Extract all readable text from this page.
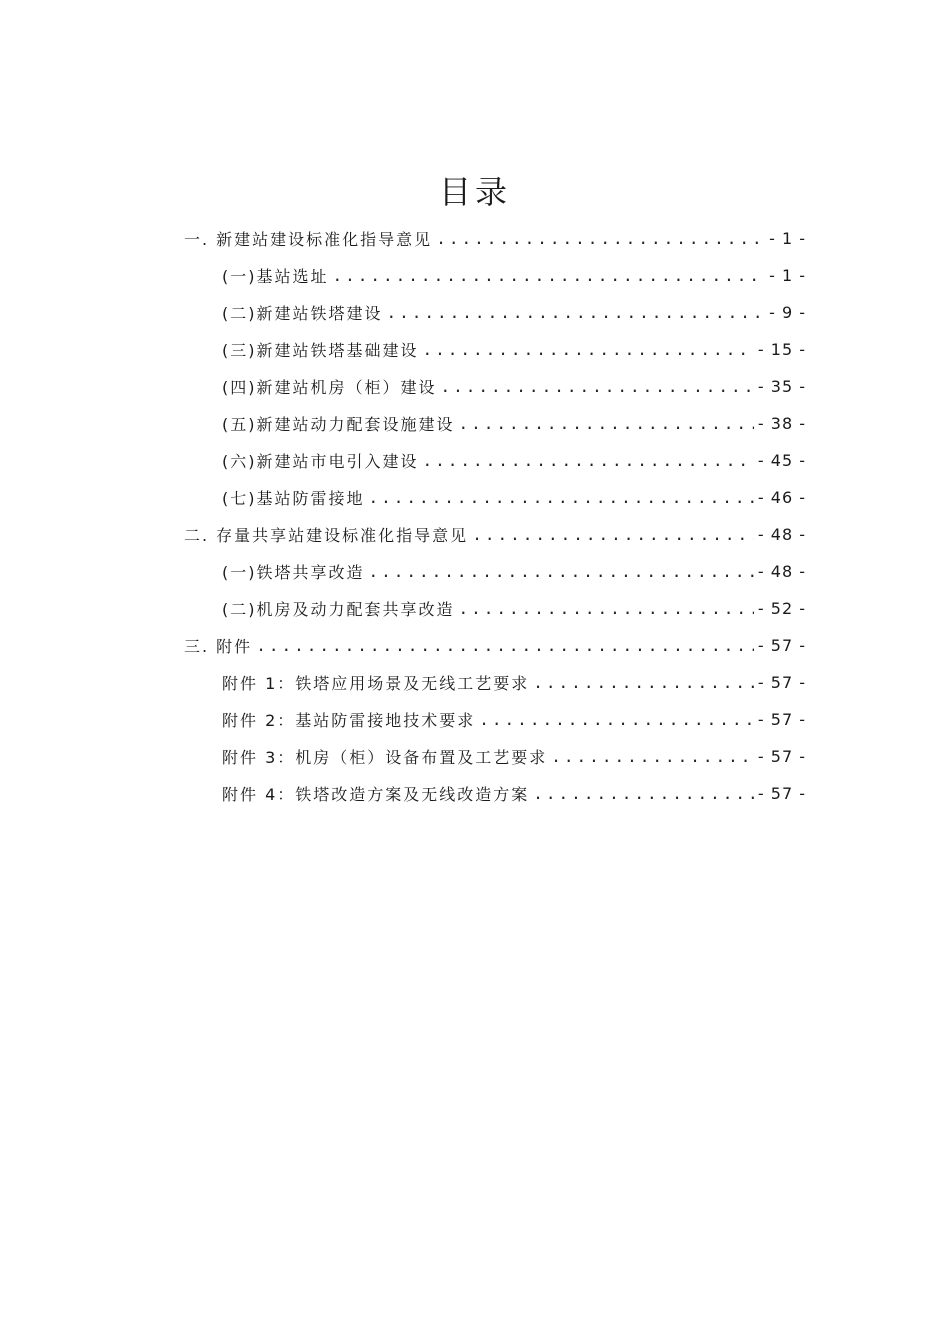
目录
一. 新建站建设标准化指导意见 .....	- 1 -
(一)基站选址 .....	- 1 -
(二)新建站铁塔建设 .....	- 9 -
(三)新建站铁塔基础建设 .....	- 15 -
(四)新建站机房（柜）建设 .....	- 35 -
(五)新建站动力配套设施建设 .....	- 38 -
(六)新建站市电引入建设 .....	- 45 -
(七)基站防雷接地 .....	- 46 -
二. 存量共享站建设标准化指导意见 .....	- 48 -
(一)铁塔共享改造 .....	- 48 -
(二)机房及动力配套共享改造 .....	- 52 -
三. 附件 .....	- 57 -
附件 1：铁塔应用场景及无线工艺要求 .....	- 57 -
附件 2：基站防雷接地技术要求 .....	- 57 -
附件 3：机房（柜）设备布置及工艺要求 .....	- 57 -
附件 4：铁塔改造方案及无线改造方案 .....	- 57 -
